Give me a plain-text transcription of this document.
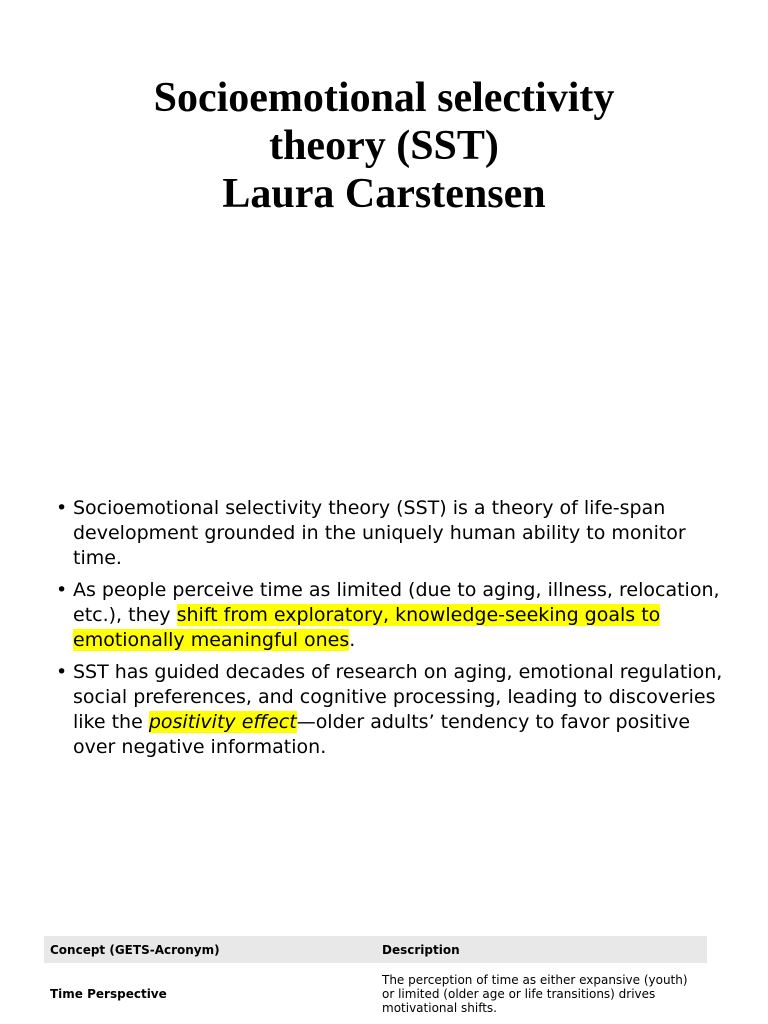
Socioemotional selectivity
theory (SST)
Laura Carstensen
• Socioemotional selectivity theory (SST) is a theory of life-span development grounded in the uniquely human ability to monitor time.
• As people perceive time as limited (due to aging, illness, relocation, etc.), they shift from exploratory, knowledge-seeking goals to emotionally meaningful ones.
• SST has guided decades of research on aging, emotional regulation, social preferences, and cognitive processing, leading to discoveries like the positivity effect—older adults’ tendency to favor positive over negative information.
Concept (GETS-Acronym)	Description
Time Perspective	The perception of time as either expansive (youth) or limited (older age or life transitions) drives motivational shifts.
